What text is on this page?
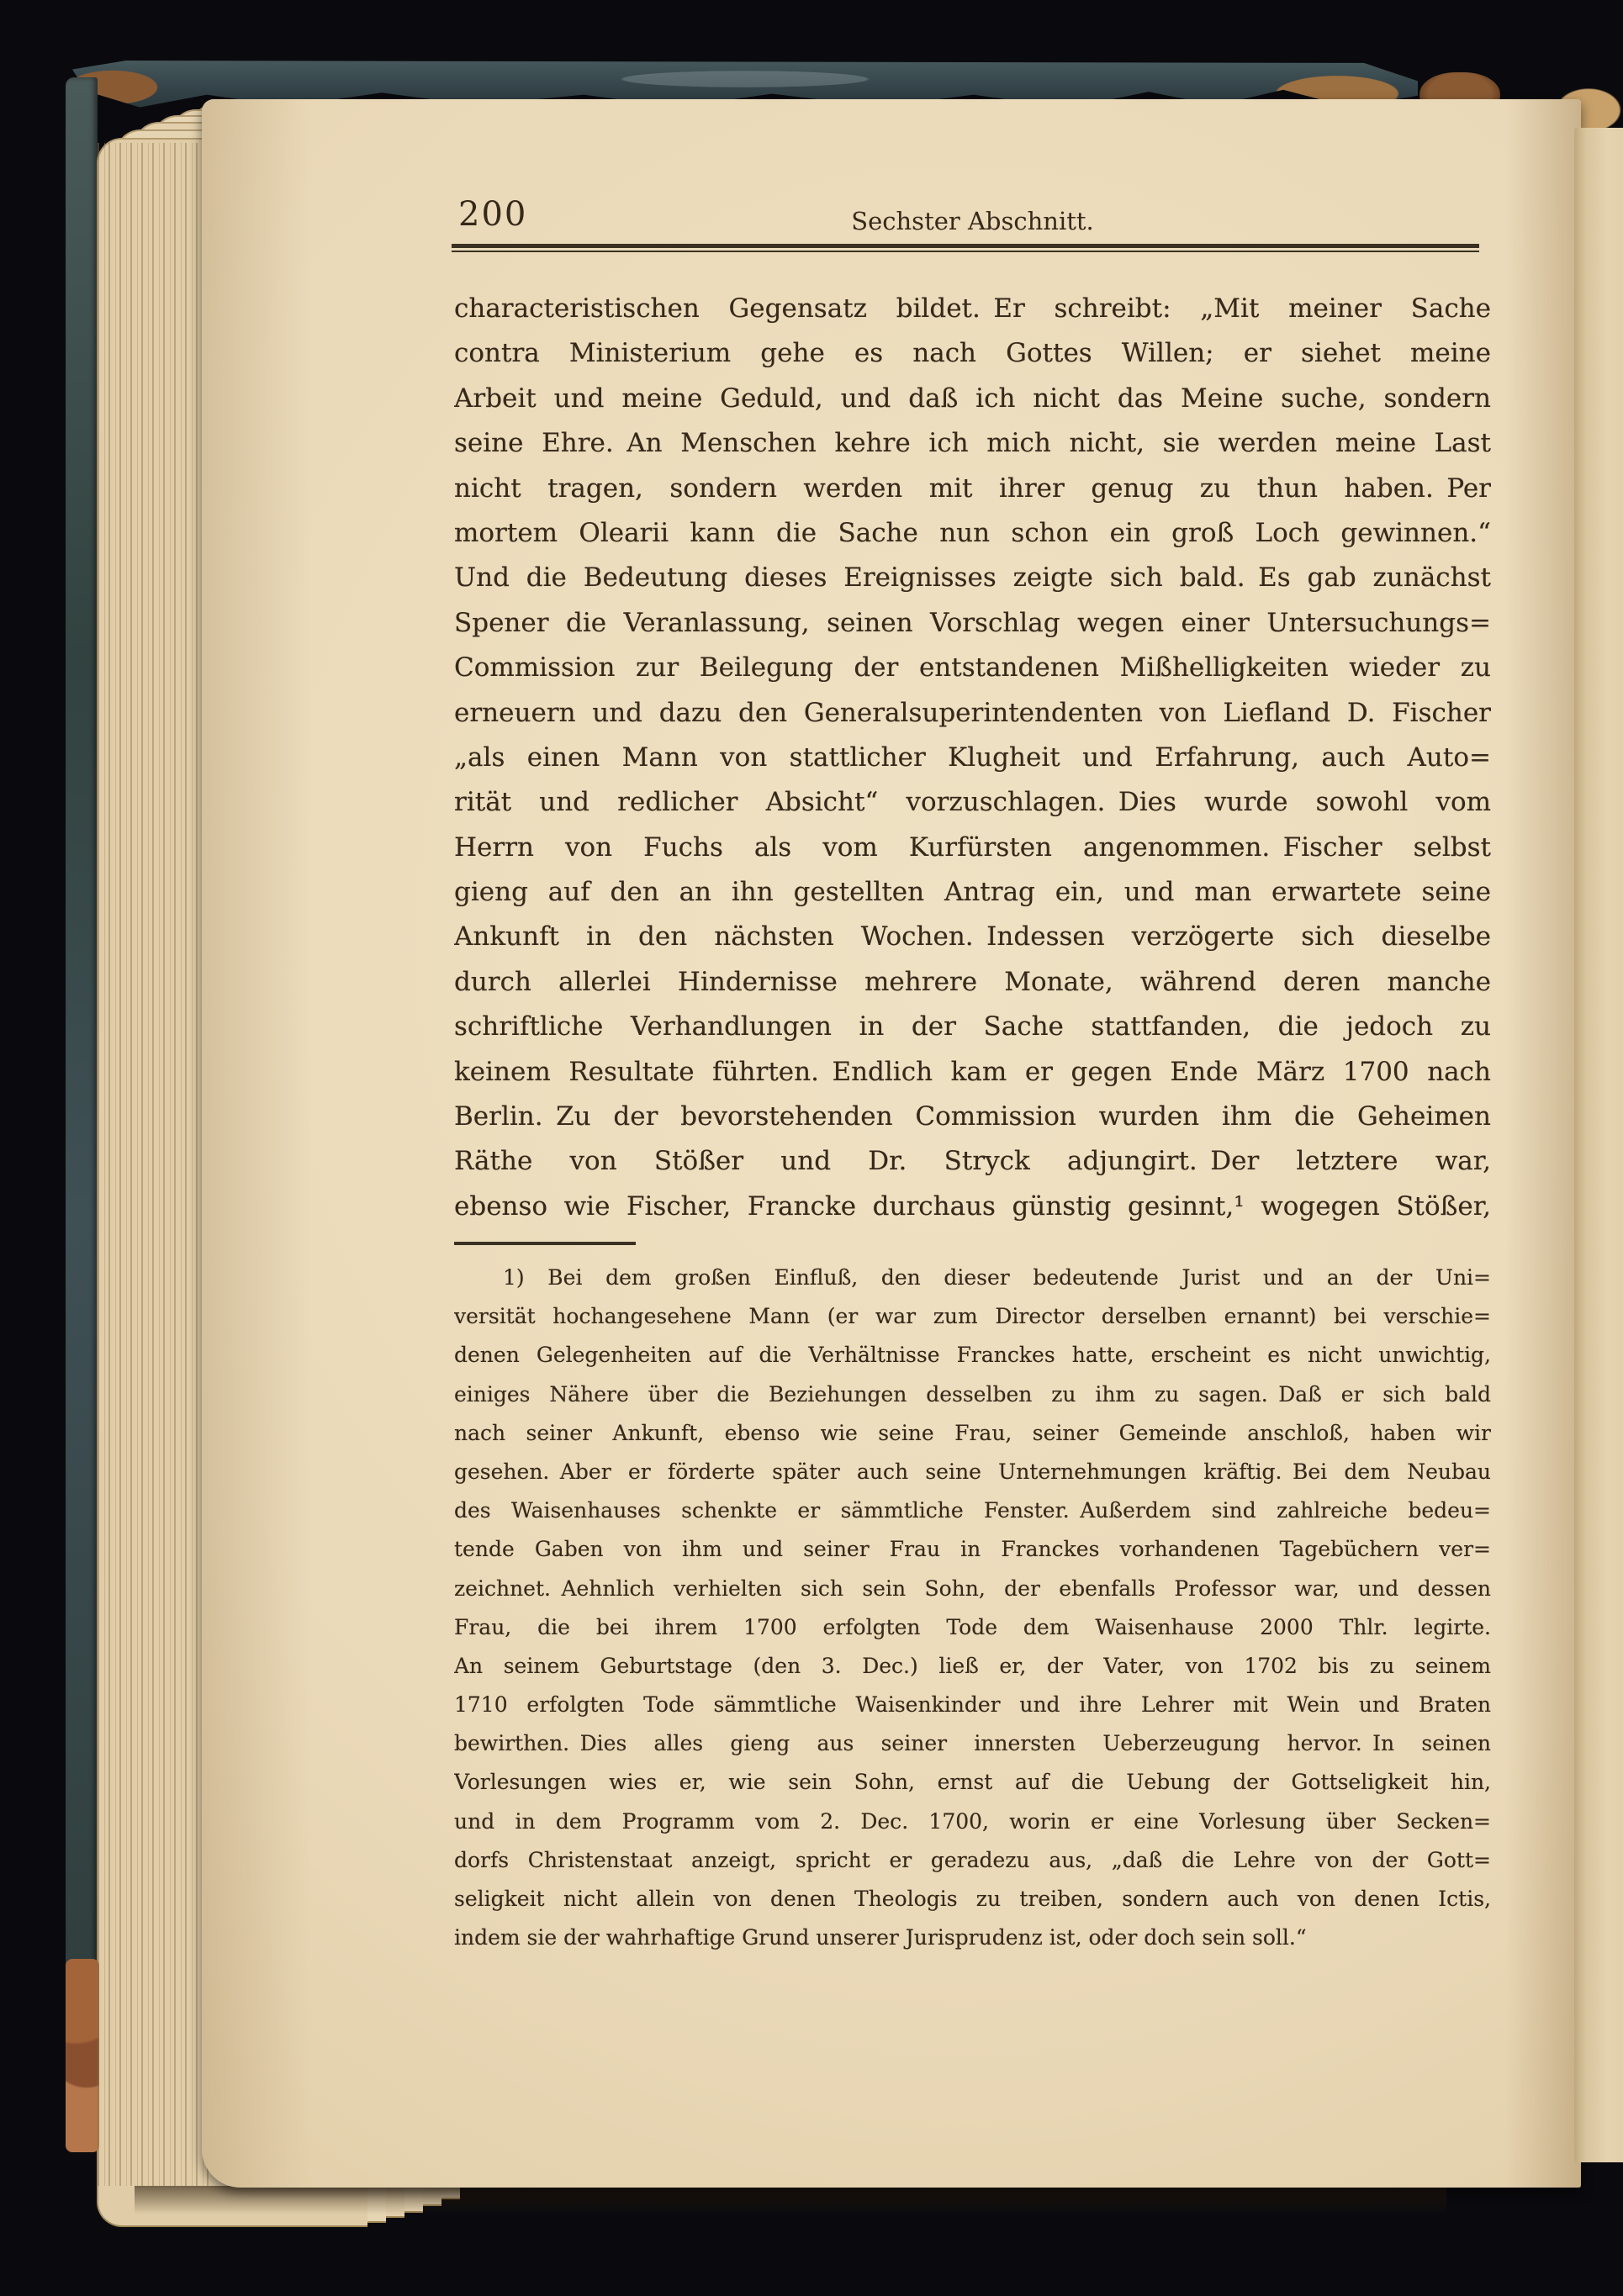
200	Sechster Abschnitt.
characteristischen Gegensatz bildet. Er schreibt: „Mit meiner Sache
contra Ministerium gehe es nach Gottes Willen; er siehet meine
Arbeit und meine Geduld, und daß ich nicht das Meine suche, sondern
seine Ehre. An Menschen kehre ich mich nicht, sie werden meine Last
nicht tragen, sondern werden mit ihrer genug zu thun haben. Per
mortem Olearii kann die Sache nun schon ein groß Loch gewinnen.“
Und die Bedeutung dieses Ereignisses zeigte sich bald. Es gab zunächst
Spener die Veranlassung, seinen Vorschlag wegen einer Untersuchungs=
Commission zur Beilegung der entstandenen Mißhelligkeiten wieder zu
erneuern und dazu den Generalsuperintendenten von Liefland D. Fischer
„als einen Mann von stattlicher Klugheit und Erfahrung, auch Auto=
rität und redlicher Absicht“ vorzuschlagen. Dies wurde sowohl vom
Herrn von Fuchs als vom Kurfürsten angenommen. Fischer selbst
gieng auf den an ihn gestellten Antrag ein, und man erwartete seine
Ankunft in den nächsten Wochen. Indessen verzögerte sich dieselbe
durch allerlei Hindernisse mehrere Monate, während deren manche
schriftliche Verhandlungen in der Sache stattfanden, die jedoch zu
keinem Resultate führten. Endlich kam er gegen Ende März 1700 nach
Berlin. Zu der bevorstehenden Commission wurden ihm die Geheimen
Räthe von Stößer und Dr. Stryck adjungirt. Der letztere war,
ebenso wie Fischer, Francke durchaus günstig gesinnt,¹ wogegen Stößer,
1) Bei dem großen Einfluß, den dieser bedeutende Jurist und an der Uni=
versität hochangesehene Mann (er war zum Director derselben ernannt) bei verschie=
denen Gelegenheiten auf die Verhältnisse Franckes hatte, erscheint es nicht unwichtig,
einiges Nähere über die Beziehungen desselben zu ihm zu sagen. Daß er sich bald
nach seiner Ankunft, ebenso wie seine Frau, seiner Gemeinde anschloß, haben wir
gesehen. Aber er förderte später auch seine Unternehmungen kräftig. Bei dem Neubau
des Waisenhauses schenkte er sämmtliche Fenster. Außerdem sind zahlreiche bedeu=
tende Gaben von ihm und seiner Frau in Franckes vorhandenen Tagebüchern ver=
zeichnet. Aehnlich verhielten sich sein Sohn, der ebenfalls Professor war, und dessen
Frau, die bei ihrem 1700 erfolgten Tode dem Waisenhause 2000 Thlr. legirte.
An seinem Geburtstage (den 3. Dec.) ließ er, der Vater, von 1702 bis zu seinem
1710 erfolgten Tode sämmtliche Waisenkinder und ihre Lehrer mit Wein und Braten
bewirthen. Dies alles gieng aus seiner innersten Ueberzeugung hervor. In seinen
Vorlesungen wies er, wie sein Sohn, ernst auf die Uebung der Gottseligkeit hin,
und in dem Programm vom 2. Dec. 1700, worin er eine Vorlesung über Secken=
dorfs Christenstaat anzeigt, spricht er geradezu aus, „daß die Lehre von der Gott=
seligkeit nicht allein von denen Theologis zu treiben, sondern auch von denen Ictis,
indem sie der wahrhaftige Grund unserer Jurisprudenz ist, oder doch sein soll.“
